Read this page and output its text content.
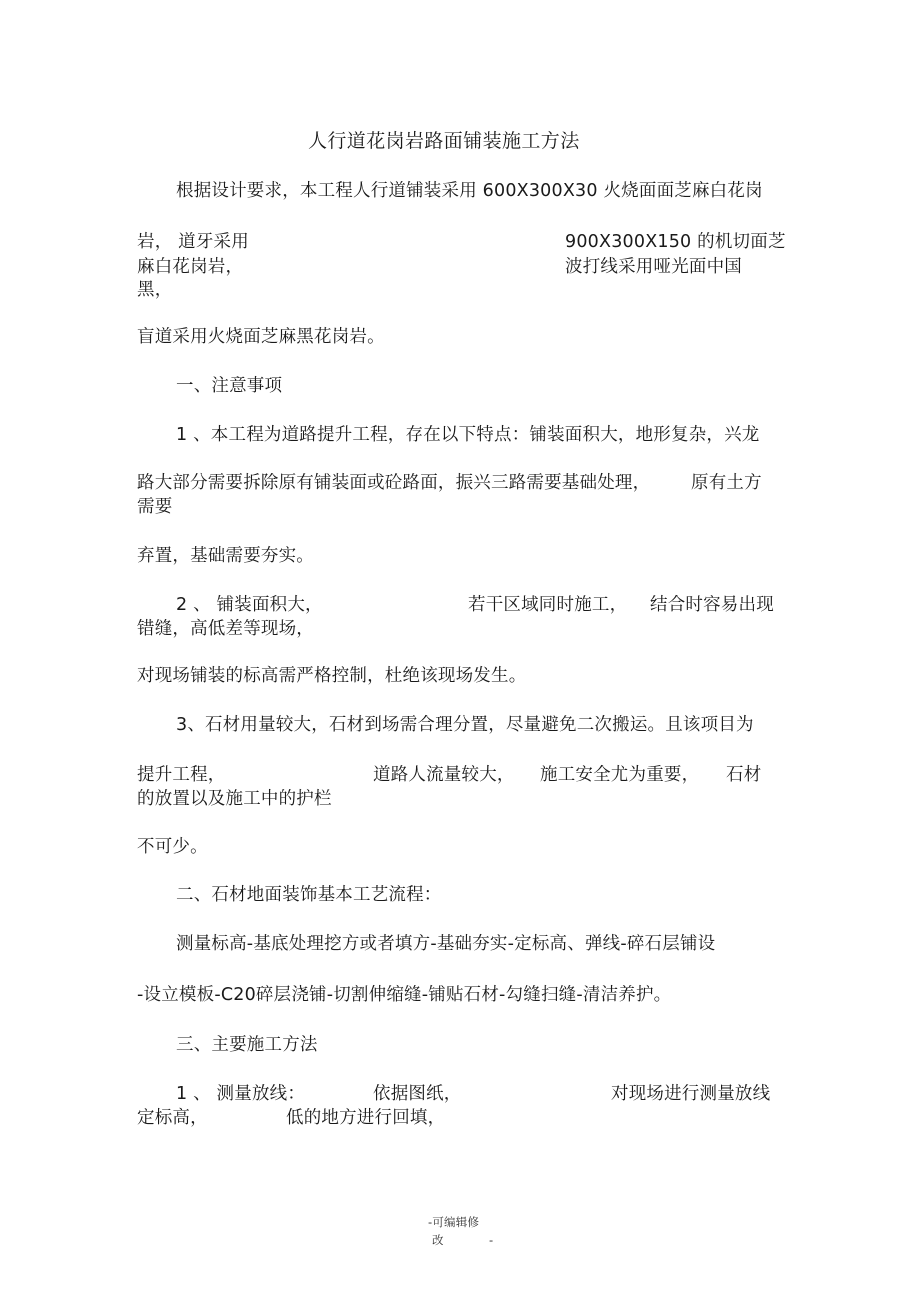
人行道花岗岩路面铺装施工方法
根据设计要求，本工程人行道铺装采用 600X300X30 火烧面面芝麻白花岗
岩， 道牙采用	900X300X150 的机切面芝
麻白花岗岩，	波打线采用哑光面中国
黑，
盲道采用火烧面芝麻黑花岗岩。
一、注意事项
1 、本工程为道路提升工程，存在以下特点：铺装面积大，地形复杂，兴龙
路大部分需要拆除原有铺装面或砼路面，振兴三路需要基础处理， 原有土方
需要
弃置，基础需要夯实。
2 、 铺装面积大，	若干区域同时施工， 结合时容易出现
错缝，高低差等现场，
对现场铺装的标高需严格控制，杜绝该现场发生。
3、石材用量较大，石材到场需合理分置，尽量避免二次搬运。且该项目为
提升工程，	道路人流量较大， 施工安全尤为重要， 石材
的放置以及施工中的护栏
不可少。
二、石材地面装饰基本工艺流程：
测量标高-基底处理挖方或者填方-基础夯实-定标高、弹线-碎石层铺设
-设立模板-C20碎层浇铺-切割伸缩缝-铺贴石材-勾缝扫缝-清洁养护。
三、主要施工方法
1 、 测量放线：	依据图纸，	对现场进行测量放线
定标高，	低的地方进行回填，
-可编辑修
改	-
